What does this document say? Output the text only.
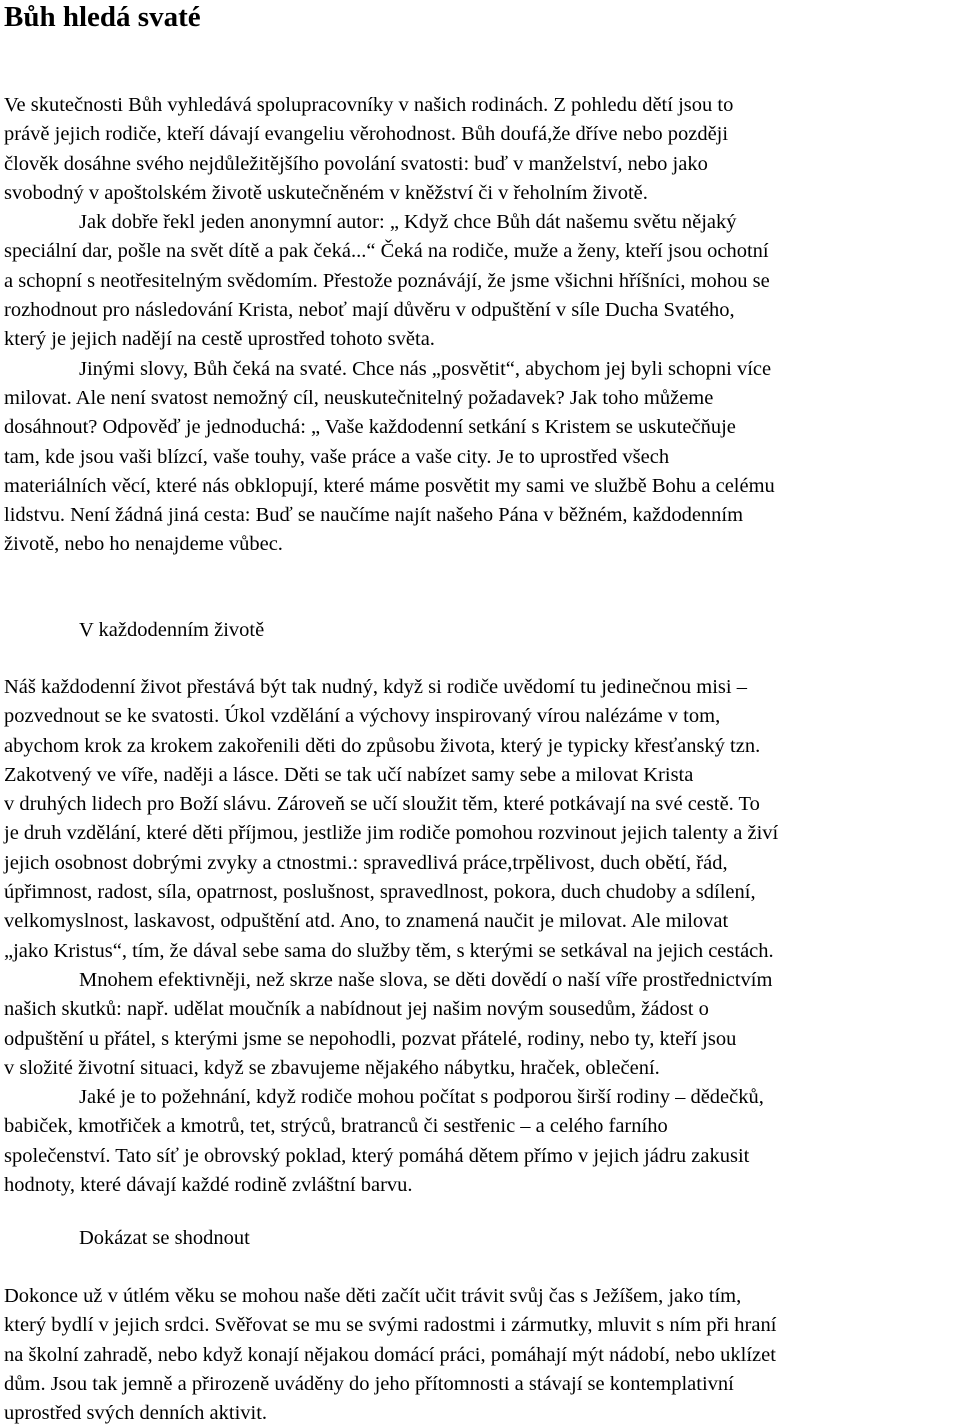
Bůh hledá svaté
Ve skutečnosti Bůh vyhledává spolupracovníky v našich rodinách. Z pohledu dětí jsou to
právě jejich rodiče, kteří dávají evangeliu věrohodnost. Bůh doufá,že dříve nebo později
člověk dosáhne svého nejdůležitějšího povolání svatosti: buď v manželství, nebo jako
svobodný v apoštolském životě uskutečněném v kněžství či v řeholním životě.
Jak dobře řekl jeden anonymní autor: „ Když chce Bůh dát našemu světu nějaký
speciální dar, pošle na svět dítě a pak čeká...“ Čeká na rodiče, muže a ženy, kteří jsou ochotní
a schopní s neotřesitelným svědomím. Přestože poznávájí, že jsme všichni hříšníci, mohou se
rozhodnout pro následování Krista, neboť mají důvěru v odpuštění v síle Ducha Svatého,
který je jejich nadějí na cestě uprostřed tohoto světa.
Jinými slovy, Bůh čeká na svaté. Chce nás „posvětit“, abychom jej byli schopni více
milovat. Ale není svatost nemožný cíl, neuskutečnitelný požadavek? Jak toho můžeme
dosáhnout? Odpověď je jednoduchá: „ Vaše každodenní setkání s Kristem se uskutečňuje
tam, kde jsou vaši blízcí, vaše touhy, vaše práce a vaše city. Je to uprostřed všech
materiálních věcí, které nás obklopují, které máme posvětit my sami ve službě Bohu a celému
lidstvu. Není žádná jiná cesta: Buď se naučíme najít našeho Pána v běžném, každodenním
životě, nebo ho nenajdeme vůbec.
V každodenním životě
Náš každodenní život přestává být tak nudný, když si rodiče uvědomí tu jedinečnou misi –
pozvednout se ke svatosti. Úkol vzdělání a výchovy inspirovaný vírou nalézáme v tom,
abychom krok za krokem zakořenili děti do způsobu života, který je typicky křesťanský tzn.
Zakotvený ve víře, naději a lásce. Děti se tak učí nabízet samy sebe a milovat Krista
v druhých lidech pro Boží slávu. Zároveň se učí sloužit těm, které potkávají na své cestě. To
je druh vzdělání, které děti příjmou, jestliže jim rodiče pomohou rozvinout jejich talenty a živí
jejich osobnost dobrými zvyky a ctnostmi.: spravedlivá práce,trpělivost, duch obětí, řád,
úpřimnost, radost, síla, opatrnost, poslušnost, spravedlnost, pokora, duch chudoby a sdílení,
velkomyslnost, laskavost, odpuštění atd. Ano, to znamená naučit je milovat. Ale milovat
„jako Kristus“, tím, že dával sebe sama do služby těm, s kterými se setkával na jejich cestách.
Mnohem efektivněji, než skrze naše slova, se děti dovědí o naší víře prostřednictvím
našich skutků: např. udělat moučník a nabídnout jej našim novým sousedům, žádost o
odpuštění u přátel, s kterými jsme se nepohodli, pozvat přátelé, rodiny, nebo ty, kteří jsou
v složité životní situaci, když se zbavujeme nějakého nábytku, hraček, oblečení.
Jaké je to požehnání, když rodiče mohou počítat s podporou širší rodiny – dědečků,
babiček, kmotřiček a kmotrů, tet, strýců, bratranců či sestřenic – a celého farního
společenství. Tato síť je obrovský poklad, který pomáhá dětem přímo v jejich jádru zakusit
hodnoty, které dávají každé rodině zvláštní barvu.
Dokázat se shodnout
Dokonce už v útlém věku se mohou naše děti začít učit trávit svůj čas s Ježíšem, jako tím,
který bydlí v jejich srdci. Svěřovat se mu se svými radostmi i zármutky, mluvit s ním při hraní
na školní zahradě, nebo když konají nějakou domácí práci, pomáhají mýt nádobí, nebo uklízet
dům. Jsou tak jemně a přirozeně uváděny do jeho přítomnosti a stávají se kontemplativní
uprostřed svých denních aktivit.
